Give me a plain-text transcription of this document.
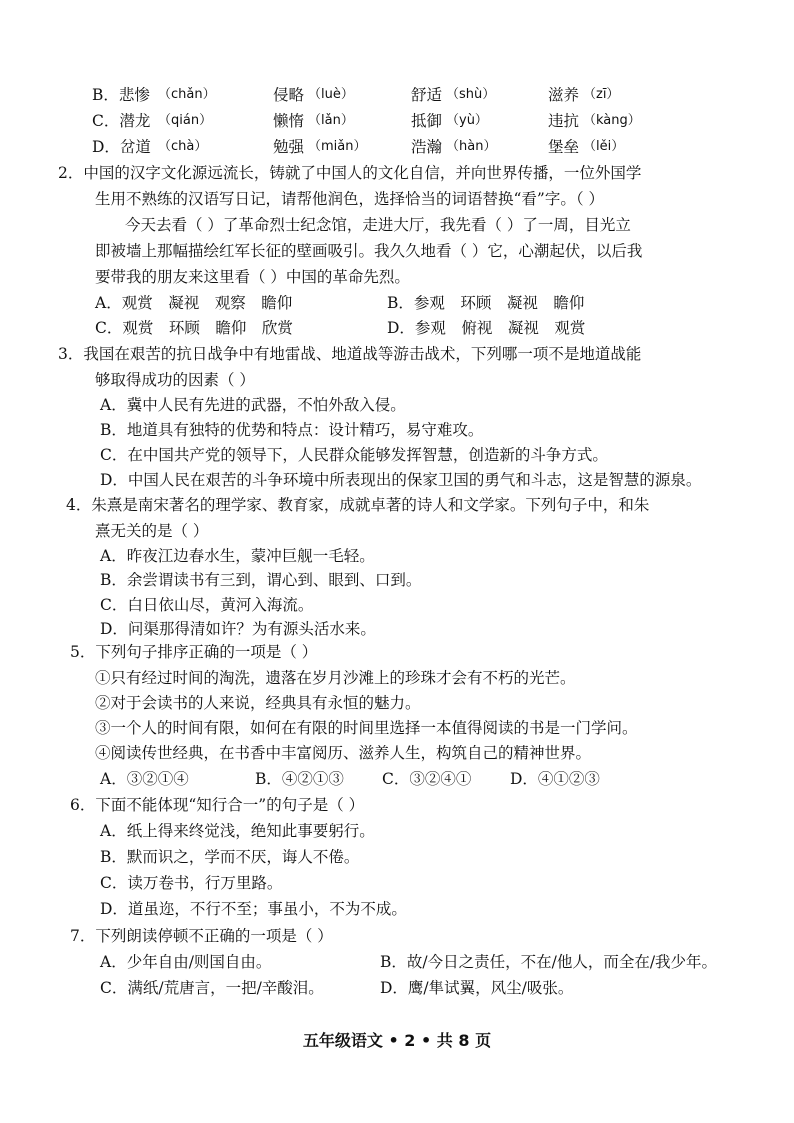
B．悲惨 （chǎn）	侵略 （luè）	舒适 （shù）	滋养 （zī）
C．潜龙 （qián）	懒惰 （lǎn）	抵御 （yù）	违抗 （kàng）
D．岔道 （chà）	勉强 （miǎn）	浩瀚 （hàn）	堡垒 （lěi）
2．中国的汉字文化源远流长，铸就了中国人的文化自信，并向世界传播，一位外国学
生用不熟练的汉语写日记，请帮他润色，选择恰当的词语替换“看”字。（ ）
今天去看（ ）了革命烈士纪念馆，走进大厅，我先看（ ）了一周，目光立
即被墙上那幅描绘红军长征的壁画吸引。我久久地看（ ）它，心潮起伏，以后我
要带我的朋友来这里看（ ）中国的革命先烈。
A．观赏　凝视　观察　瞻仰	B．参观　环顾　凝视　瞻仰
C．观赏　环顾　瞻仰　欣赏	D．参观　俯视　凝视　观赏
3．我国在艰苦的抗日战争中有地雷战、地道战等游击战术，下列哪一项不是地道战能
够取得成功的因素（ ）
A．冀中人民有先进的武器，不怕外敌入侵。
B．地道具有独特的优势和特点：设计精巧，易守难攻。
C．在中国共产党的领导下，人民群众能够发挥智慧，创造新的斗争方式。
D．中国人民在艰苦的斗争环境中所表现出的保家卫国的勇气和斗志，这是智慧的源泉。
4．朱熹是南宋著名的理学家、教育家，成就卓著的诗人和文学家。下列句子中，和朱
熹无关的是（ ）
A．昨夜江边春水生，蒙冲巨舰一毛轻。
B．余尝谓读书有三到，谓心到、眼到、口到。
C．白日依山尽，黄河入海流。
D．问渠那得清如许？为有源头活水来。
5．下列句子排序正确的一项是（ ）
①只有经过时间的淘洗，遗落在岁月沙滩上的珍珠才会有不朽的光芒。
②对于会读书的人来说，经典具有永恒的魅力。
③一个人的时间有限，如何在有限的时间里选择一本值得阅读的书是一门学问。
④阅读传世经典，在书香中丰富阅历、滋养人生，构筑自己的精神世界。
A．③②①④	B．④②①③ C．③②④① D．④①②③
6．下面不能体现“知行合一”的句子是（ ）
A．纸上得来终觉浅，绝知此事要躬行。
B．默而识之，学而不厌，诲人不倦。
C．读万卷书，行万里路。
D．道虽迩，不行不至；事虽小，不为不成。
7．下列朗读停顿不正确的一项是（ ）
A．少年自由/则国自由。	B．故/今日之责任，不在/他人，而全在/我少年。
C．满纸/荒唐言，一把/辛酸泪。	D．鹰/隼试翼，风尘/吸张。
五年级语文 • 2 • 共 8 页
